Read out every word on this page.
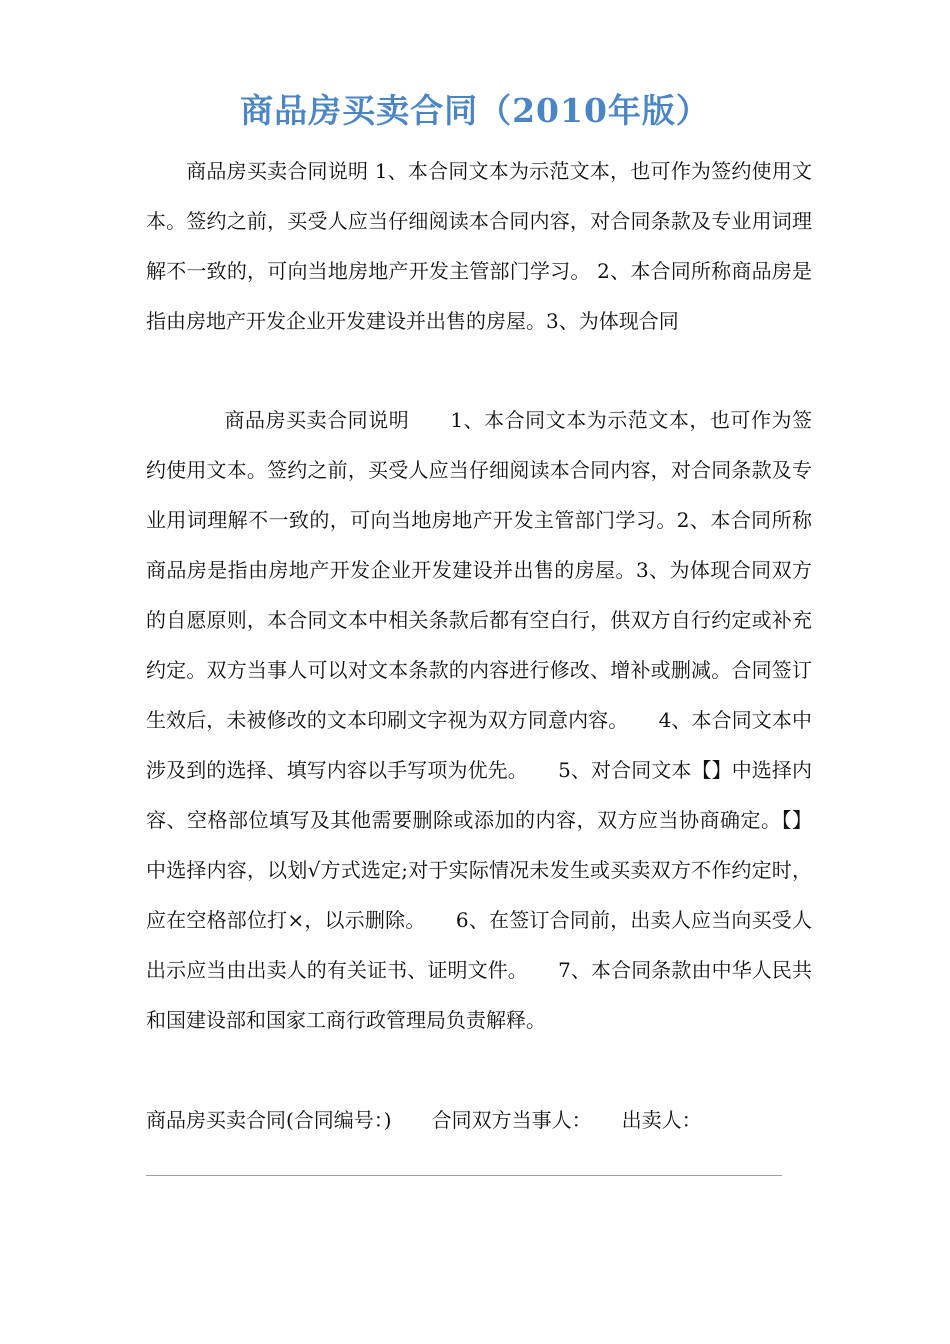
商品房买卖合同（2010年版）
商品房买卖合同说明 1、本合同文本为示范文本，也可作为签约使用文本。签约之前，买受人应当仔细阅读本合同内容，对合同条款及专业用词理解不一致的，可向当地房地产开发主管部门学习。 2、本合同所称商品房是指由房地产开发企业开发建设并出售的房屋。3、为体现合同
商品房买卖合同说明　　1、本合同文本为示范文本，也可作为签约使用文本。签约之前，买受人应当仔细阅读本合同内容，对合同条款及专业用词理解不一致的，可向当地房地产开发主管部门学习。2、本合同所称商品房是指由房地产开发企业开发建设并出售的房屋。3、为体现合同双方的自愿原则，本合同文本中相关条款后都有空白行，供双方自行约定或补充约定。双方当事人可以对文本条款的内容进行修改、增补或删减。合同签订生效后，未被修改的文本印刷文字视为双方同意内容。　　4、本合同文本中涉及到的选择、填写内容以手写项为优先。　　5、对合同文本【】中选择内容、空格部位填写及其他需要删除或添加的内容，双方应当协商确定。【】中选择内容，以划√方式选定;对于实际情况未发生或买卖双方不作约定时，应在空格部位打×，以示删除。　　6、在签订合同前，出卖人应当向买受人出示应当由出卖人的有关证书、证明文件。　　7、本合同条款由中华人民共和国建设部和国家工商行政管理局负责解释。
商品房买卖合同(合同编号：)　　合同双方当事人：　　出卖人：
